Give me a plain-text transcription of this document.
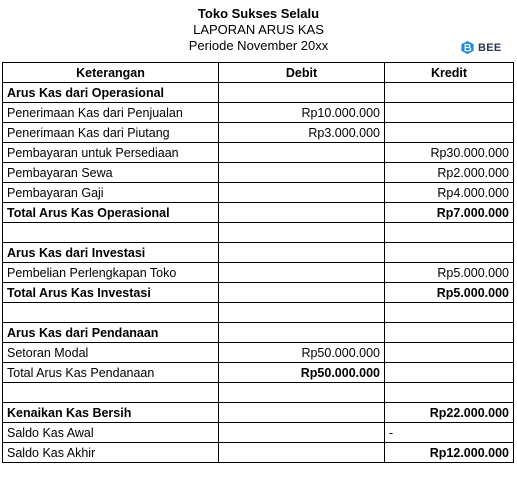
Toko Sukses Selalu
LAPORAN ARUS KAS
Periode November 20xx	BEE
Keterangan	Debit	Kredit
Arus Kas dari Operasional		
Penerimaan Kas dari Penjualan	Rp10.000.000	
Penerimaan Kas dari Piutang	Rp3.000.000	
Pembayaran untuk Persediaan		Rp30.000.000
Pembayaran Sewa		Rp2.000.000
Pembayaran Gaji		Rp4.000.000
Total Arus Kas Operasional		Rp7.000.000

Arus Kas dari Investasi		
Pembelian Perlengkapan Toko		Rp5.000.000
Total Arus Kas Investasi		Rp5.000.000

Arus Kas dari Pendanaan		
Setoran Modal	Rp50.000.000	
Total Arus Kas Pendanaan	Rp50.000.000	

Kenaikan Kas Bersih		Rp22.000.000
Saldo Kas Awal		-
Saldo Kas Akhir		Rp12.000.000
